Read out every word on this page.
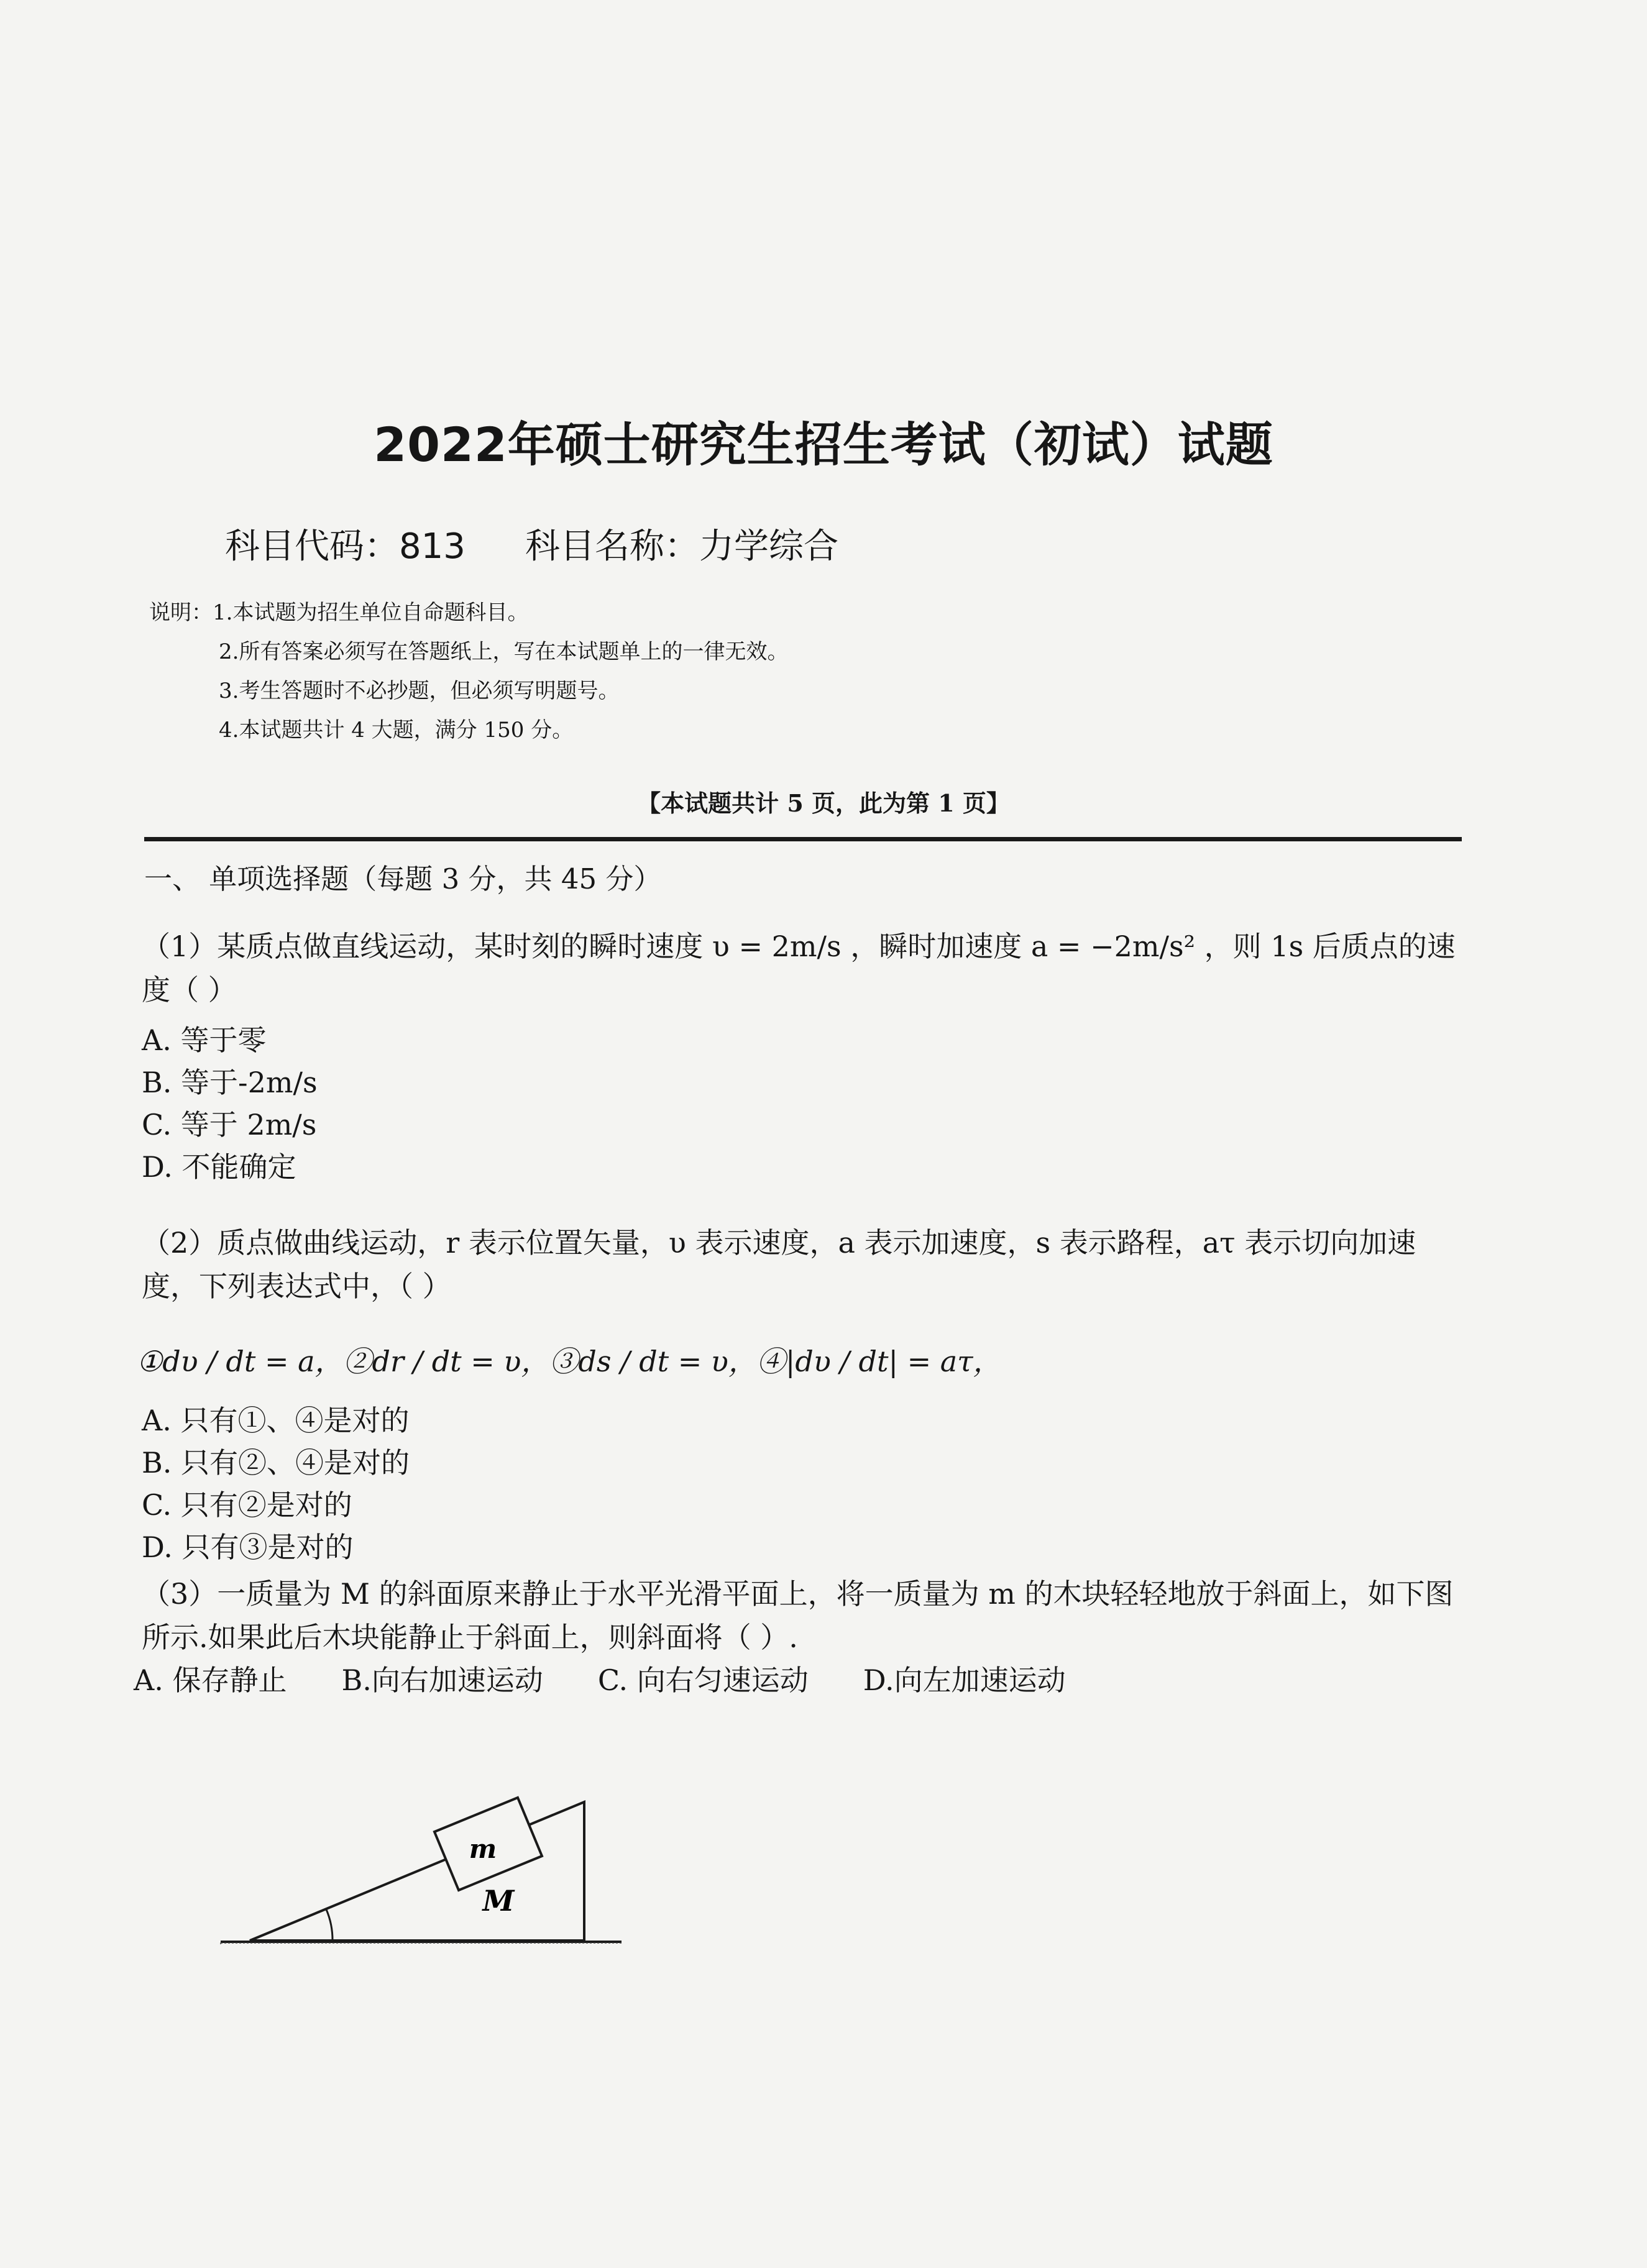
2022年硕士研究生招生考试（初试）试题
科目代码：813 科目名称：力学综合
说明：1.本试题为招生单位自命题科目。
2.所有答案必须写在答题纸上，写在本试题单上的一律无效。
3.考生答题时不必抄题，但必须写明题号。
4.本试题共计 4 大题，满分 150 分。
【本试题共计 5 页，此为第 1 页】
一、 单项选择题（每题 3 分，共 45 分）
（1）某质点做直线运动，某时刻的瞬时速度 υ = 2m/s ，瞬时加速度 a = −2m/s² ，则 1s 后质点的速度（ ）
A. 等于零
B. 等于-2m/s
C. 等于 2m/s
D. 不能确定
（2）质点做曲线运动，r 表示位置矢量，υ 表示速度，a 表示加速度，s 表示路程，aτ 表示切向加速度，下列表达式中，（ ）
①dυ / dt = a，②dr / dt = υ，③ds / dt = υ，④|dυ / dt| = aτ，
A. 只有①、④是对的
B. 只有②、④是对的
C. 只有②是对的
D. 只有③是对的
（3）一质量为 M 的斜面原来静止于水平光滑平面上，将一质量为 m 的木块轻轻地放于斜面上，如下图所示.如果此后木块能静止于斜面上，则斜面将（ ）.
A. 保存静止 B.向右加速运动 C. 向右匀速运动 D.向左加速运动
m
M
